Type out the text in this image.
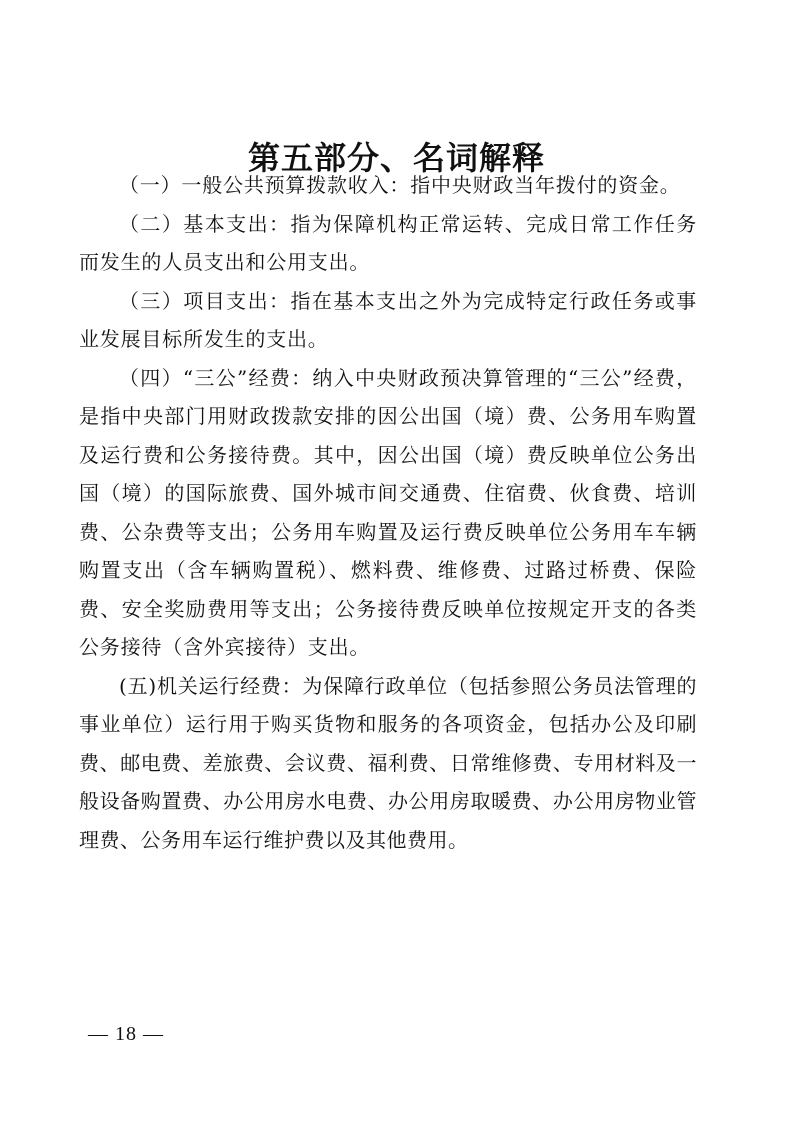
第五部分、名词解释

（一）一般公共预算拨款收入：指中央财政当年拨付的资金。

（二）基本支出：指为保障机构正常运转、完成日常工作任务而发生的人员支出和公用支出。

（三）项目支出：指在基本支出之外为完成特定行政任务或事业发展目标所发生的支出。

（四）“三公”经费：纳入中央财政预决算管理的“三公”经费，是指中央部门用财政拨款安排的因公出国（境）费、公务用车购置及运行费和公务接待费。其中，因公出国（境）费反映单位公务出国（境）的国际旅费、国外城市间交通费、住宿费、伙食费、培训费、公杂费等支出；公务用车购置及运行费反映单位公务用车车辆购置支出（含车辆购置税）、燃料费、维修费、过路过桥费、保险费、安全奖励费用等支出；公务接待费反映单位按规定开支的各类公务接待（含外宾接待）支出。

(五)机关运行经费：为保障行政单位（包括参照公务员法管理的事业单位）运行用于购买货物和服务的各项资金，包括办公及印刷费、邮电费、差旅费、会议费、福利费、日常维修费、专用材料及一般设备购置费、办公用房水电费、办公用房取暖费、办公用房物业管理费、公务用车运行维护费以及其他费用。

— 18 —
